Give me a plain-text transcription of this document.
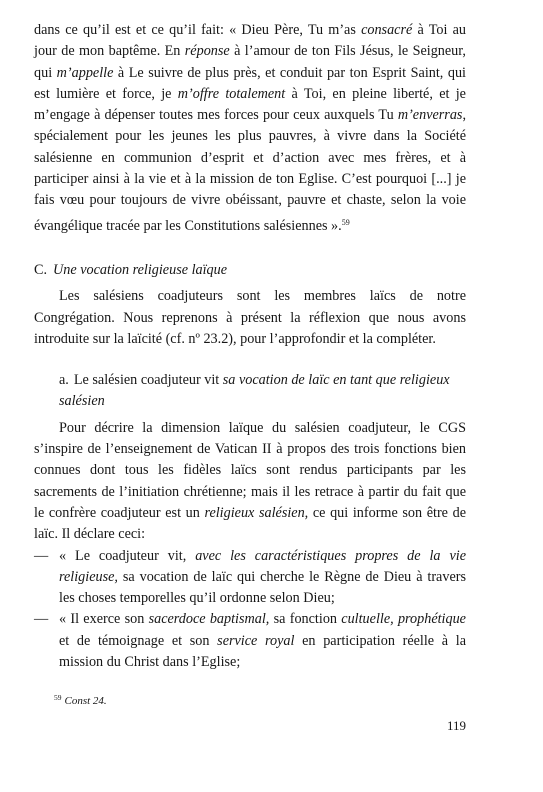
dans ce qu’il est et ce qu’il fait: « Dieu Père, Tu m’as consacré à Toi au jour de mon baptême. En réponse à l’amour de ton Fils Jésus, le Seigneur, qui m’appelle à Le suivre de plus près, et conduit par ton Esprit Saint, qui est lumière et force, je m’offre totalement à Toi, en pleine liberté, et je m’engage à dépenser toutes mes forces pour ceux auxquels Tu m’enverras, spécialement pour les jeunes les plus pauvres, à vivre dans la Société salésienne en communion d’esprit et d’action avec mes frères, et à participer ainsi à la vie et à la mission de ton Eglise. C’est pourquoi [...] je fais vœu pour toujours de vivre obéissant, pauvre et chaste, selon la voie évangélique tracée par les Constitutions salésiennes ».$^{59}$

C. Une vocation religieuse laïque

Les salésiens coadjuteurs sont les membres laïcs de notre Congrégation. Nous reprenons à présent la réflexion que nous avons introduite sur la laïcité (cf. nº 23.2), pour l’approfondir et la compléter.

a. Le salésien coadjuteur vit sa vocation de laïc en tant que religieux salésien

Pour décrire la dimension laïque du salésien coadjuteur, le CGS s’inspire de l’enseignement de Vatican II à propos des trois fonctions bien connues dont tous les fidèles laïcs sont rendus participants par les sacrements de l’initiation chrétienne; mais il les retrace à partir du fait que le confrère coadjuteur est un religieux salésien, ce qui informe son être de laïc. Il déclare ceci:

— « Le coadjuteur vit, avec les caractéristiques propres de la vie religieuse, sa vocation de laïc qui cherche le Règne de Dieu à travers les choses temporelles qu’il ordonne selon Dieu;
— « Il exerce son sacerdoce baptismal, sa fonction cultuelle, prophétique et de témoignage et son service royal en participation réelle à la mission du Christ dans l’Eglise;
$^{59}$ Const 24.
119
